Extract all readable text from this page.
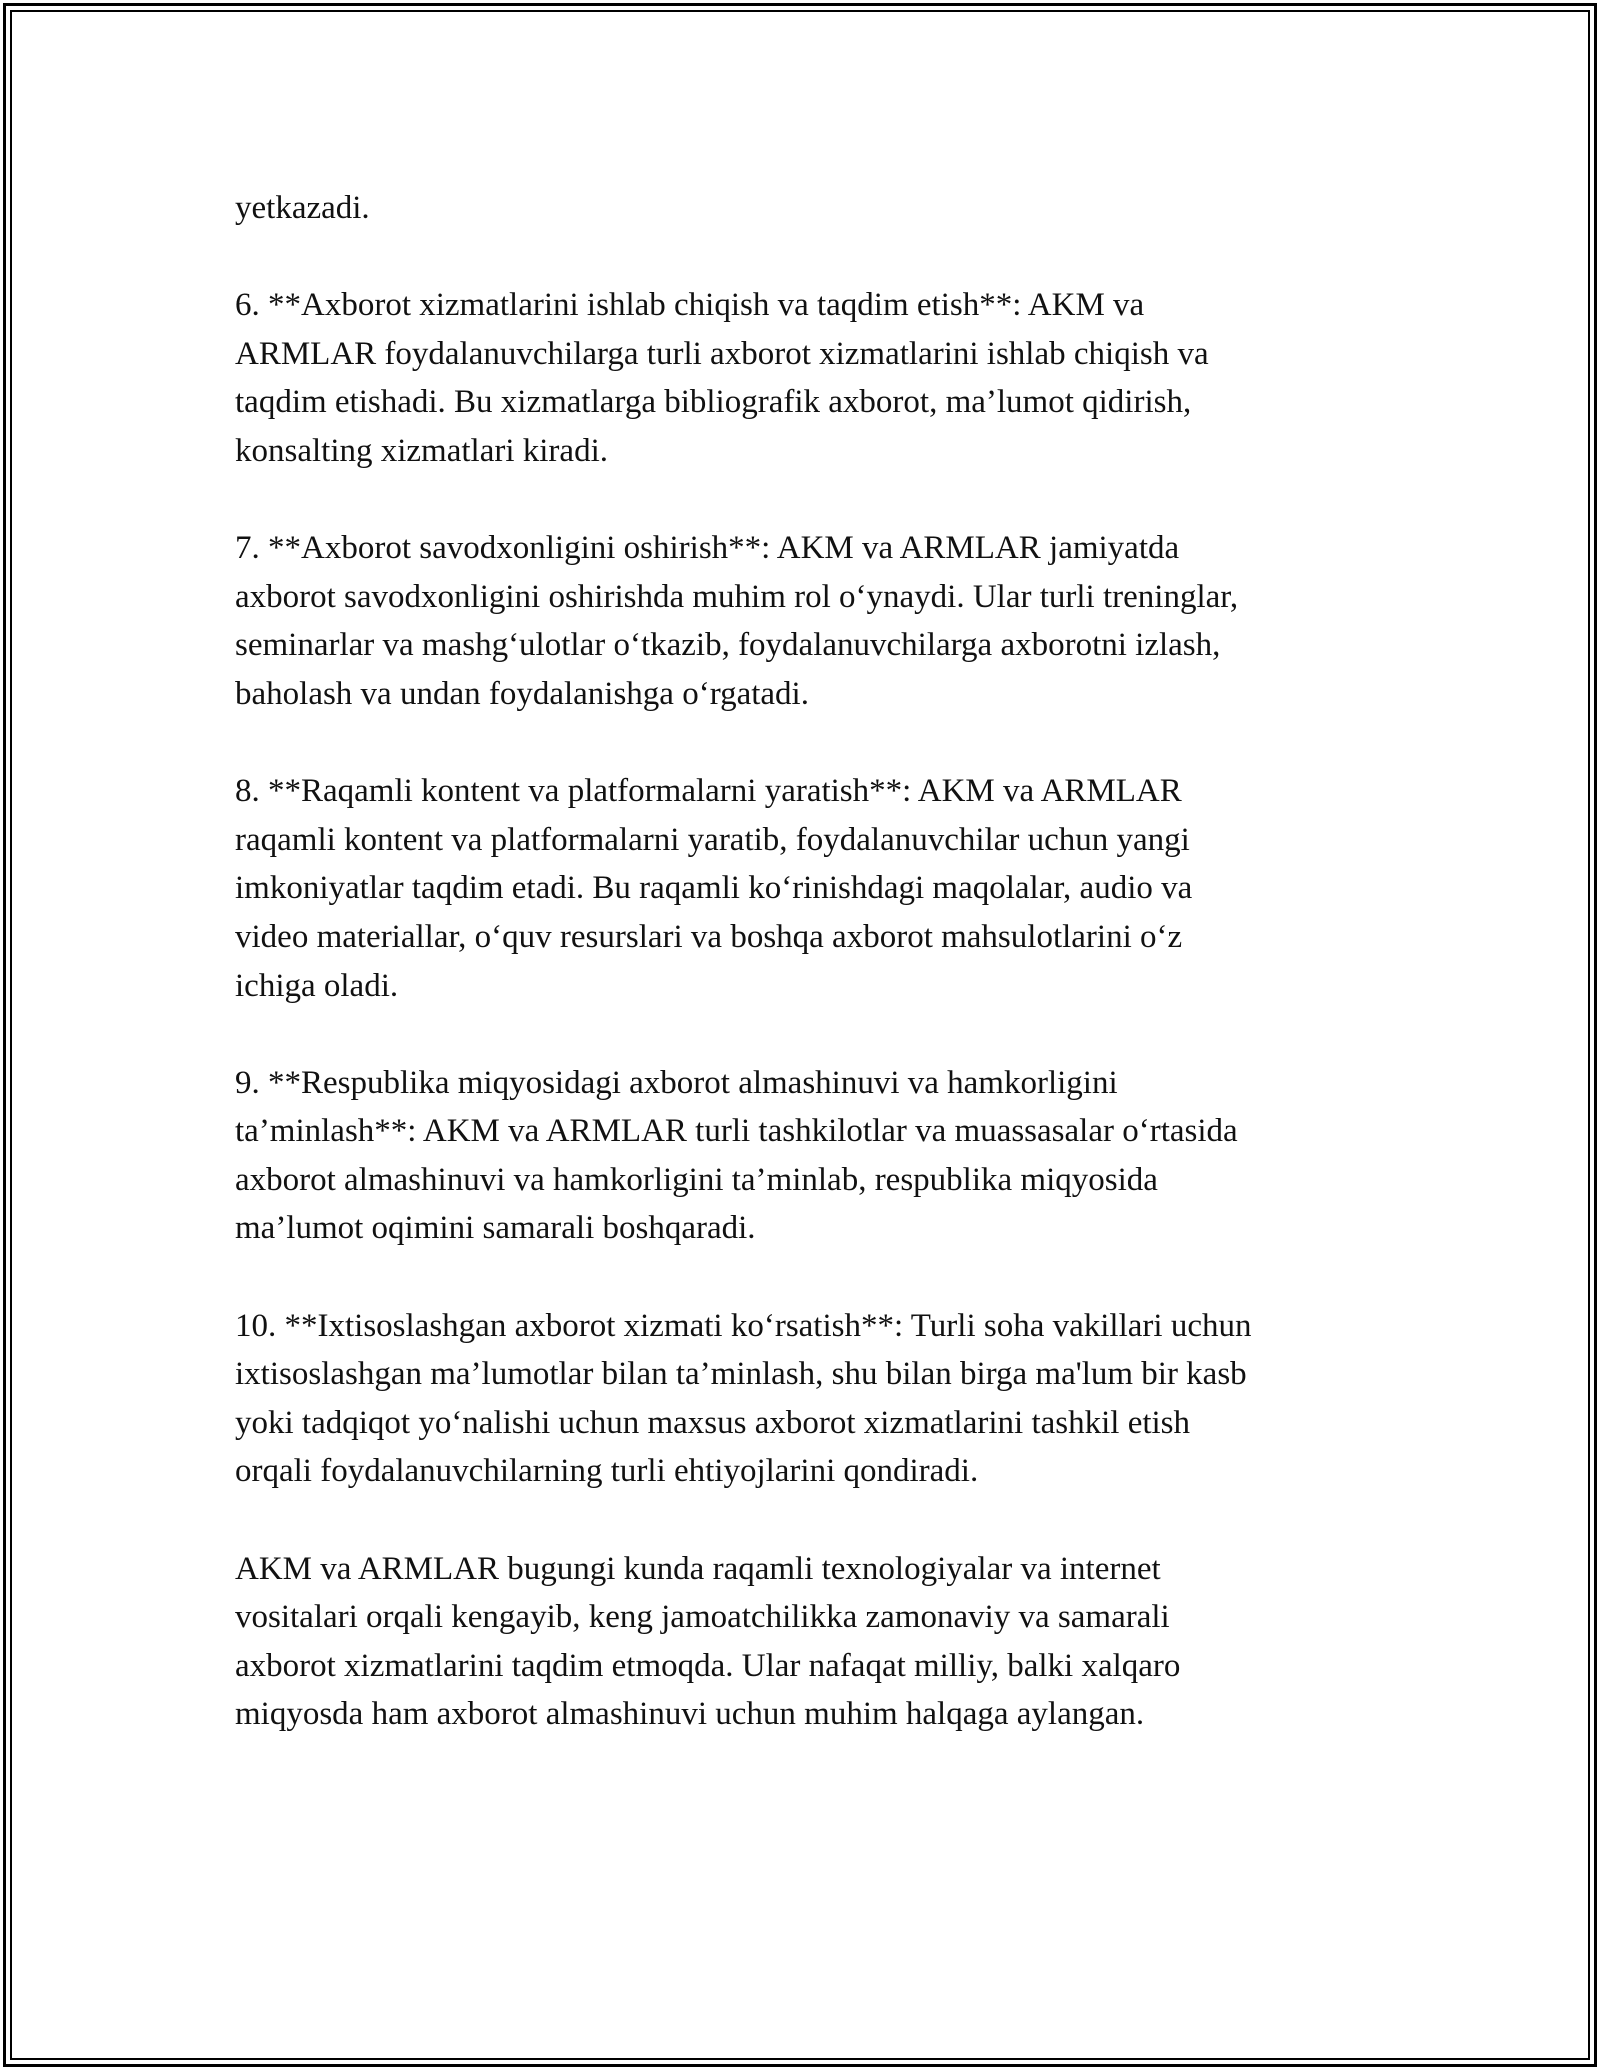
yetkazadi.

6. **Axborot xizmatlarini ishlab chiqish va taqdim etish**: AKM va
ARMLAR foydalanuvchilarga turli axborot xizmatlarini ishlab chiqish va
taqdim etishadi. Bu xizmatlarga bibliografik axborot, ma’lumot qidirish,
konsalting xizmatlari kiradi.

7. **Axborot savodxonligini oshirish**: AKM va ARMLAR jamiyatda
axborot savodxonligini oshirishda muhim rol o‘ynaydi. Ular turli treninglar,
seminarlar va mashg‘ulotlar o‘tkazib, foydalanuvchilarga axborotni izlash,
baholash va undan foydalanishga o‘rgatadi.

8. **Raqamli kontent va platformalarni yaratish**: AKM va ARMLAR
raqamli kontent va platformalarni yaratib, foydalanuvchilar uchun yangi
imkoniyatlar taqdim etadi. Bu raqamli ko‘rinishdagi maqolalar, audio va
video materiallar, o‘quv resurslari va boshqa axborot mahsulotlarini o‘z
ichiga oladi.

9. **Respublika miqyosidagi axborot almashinuvi va hamkorligini
ta’minlash**: AKM va ARMLAR turli tashkilotlar va muassasalar o‘rtasida
axborot almashinuvi va hamkorligini ta’minlab, respublika miqyosida
ma’lumot oqimini samarali boshqaradi.

10. **Ixtisoslashgan axborot xizmati ko‘rsatish**: Turli soha vakillari uchun
ixtisoslashgan ma’lumotlar bilan ta’minlash, shu bilan birga ma'lum bir kasb
yoki tadqiqot yo‘nalishi uchun maxsus axborot xizmatlarini tashkil etish
orqali foydalanuvchilarning turli ehtiyojlarini qondiradi.

AKM va ARMLAR bugungi kunda raqamli texnologiyalar va internet
vositalari orqali kengayib, keng jamoatchilikka zamonaviy va samarali
axborot xizmatlarini taqdim etmoqda. Ular nafaqat milliy, balki xalqaro
miqyosda ham axborot almashinuvi uchun muhim halqaga aylangan.
